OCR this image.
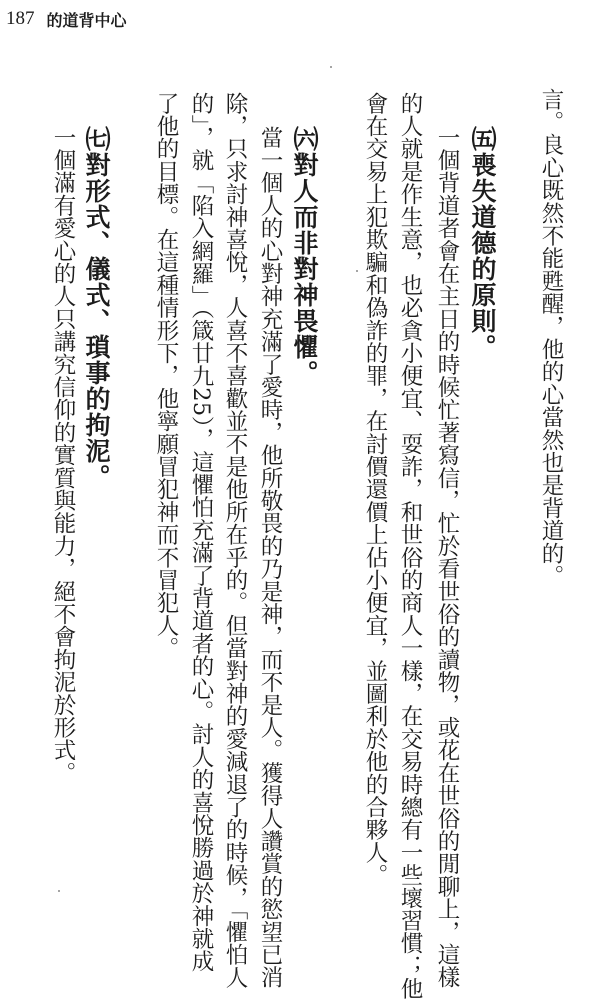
187 的道背中心
言。良心既然不能甦醒，他的心當然也是背道的。
㈤喪失道德的原則。
一個背道者會在主日的時候忙著寫信，忙於看世俗的讀物，或花在世俗的閒聊上，這樣
的人就是作生意，也必貪小便宜、耍詐，和世俗的商人一樣，在交易時總有一些壞習慣；他
會在交易上犯欺騙和偽詐的罪，在討價還價上佔小便宜，並圖利於他的合夥人。
㈥對人而非對神畏懼。
當一個人的心對神充滿了愛時，他所敬畏的乃是神，而不是人。獲得人讚賞的慾望已消
除，只求討神喜悅，人喜不喜歡並不是他所在乎的。但當對神的愛減退了的時候，「懼怕人
的」，就「陷入網羅」（箴廿九25），這懼怕充滿了背道者的心。討人的喜悅勝過於神就成
了他的目標。在這種情形下，他寧願冒犯神而不冒犯人。
㈦對形式、儀式、瑣事的拘泥。
一個滿有愛心的人只講究信仰的實質與能力，絕不會拘泥於形式。
